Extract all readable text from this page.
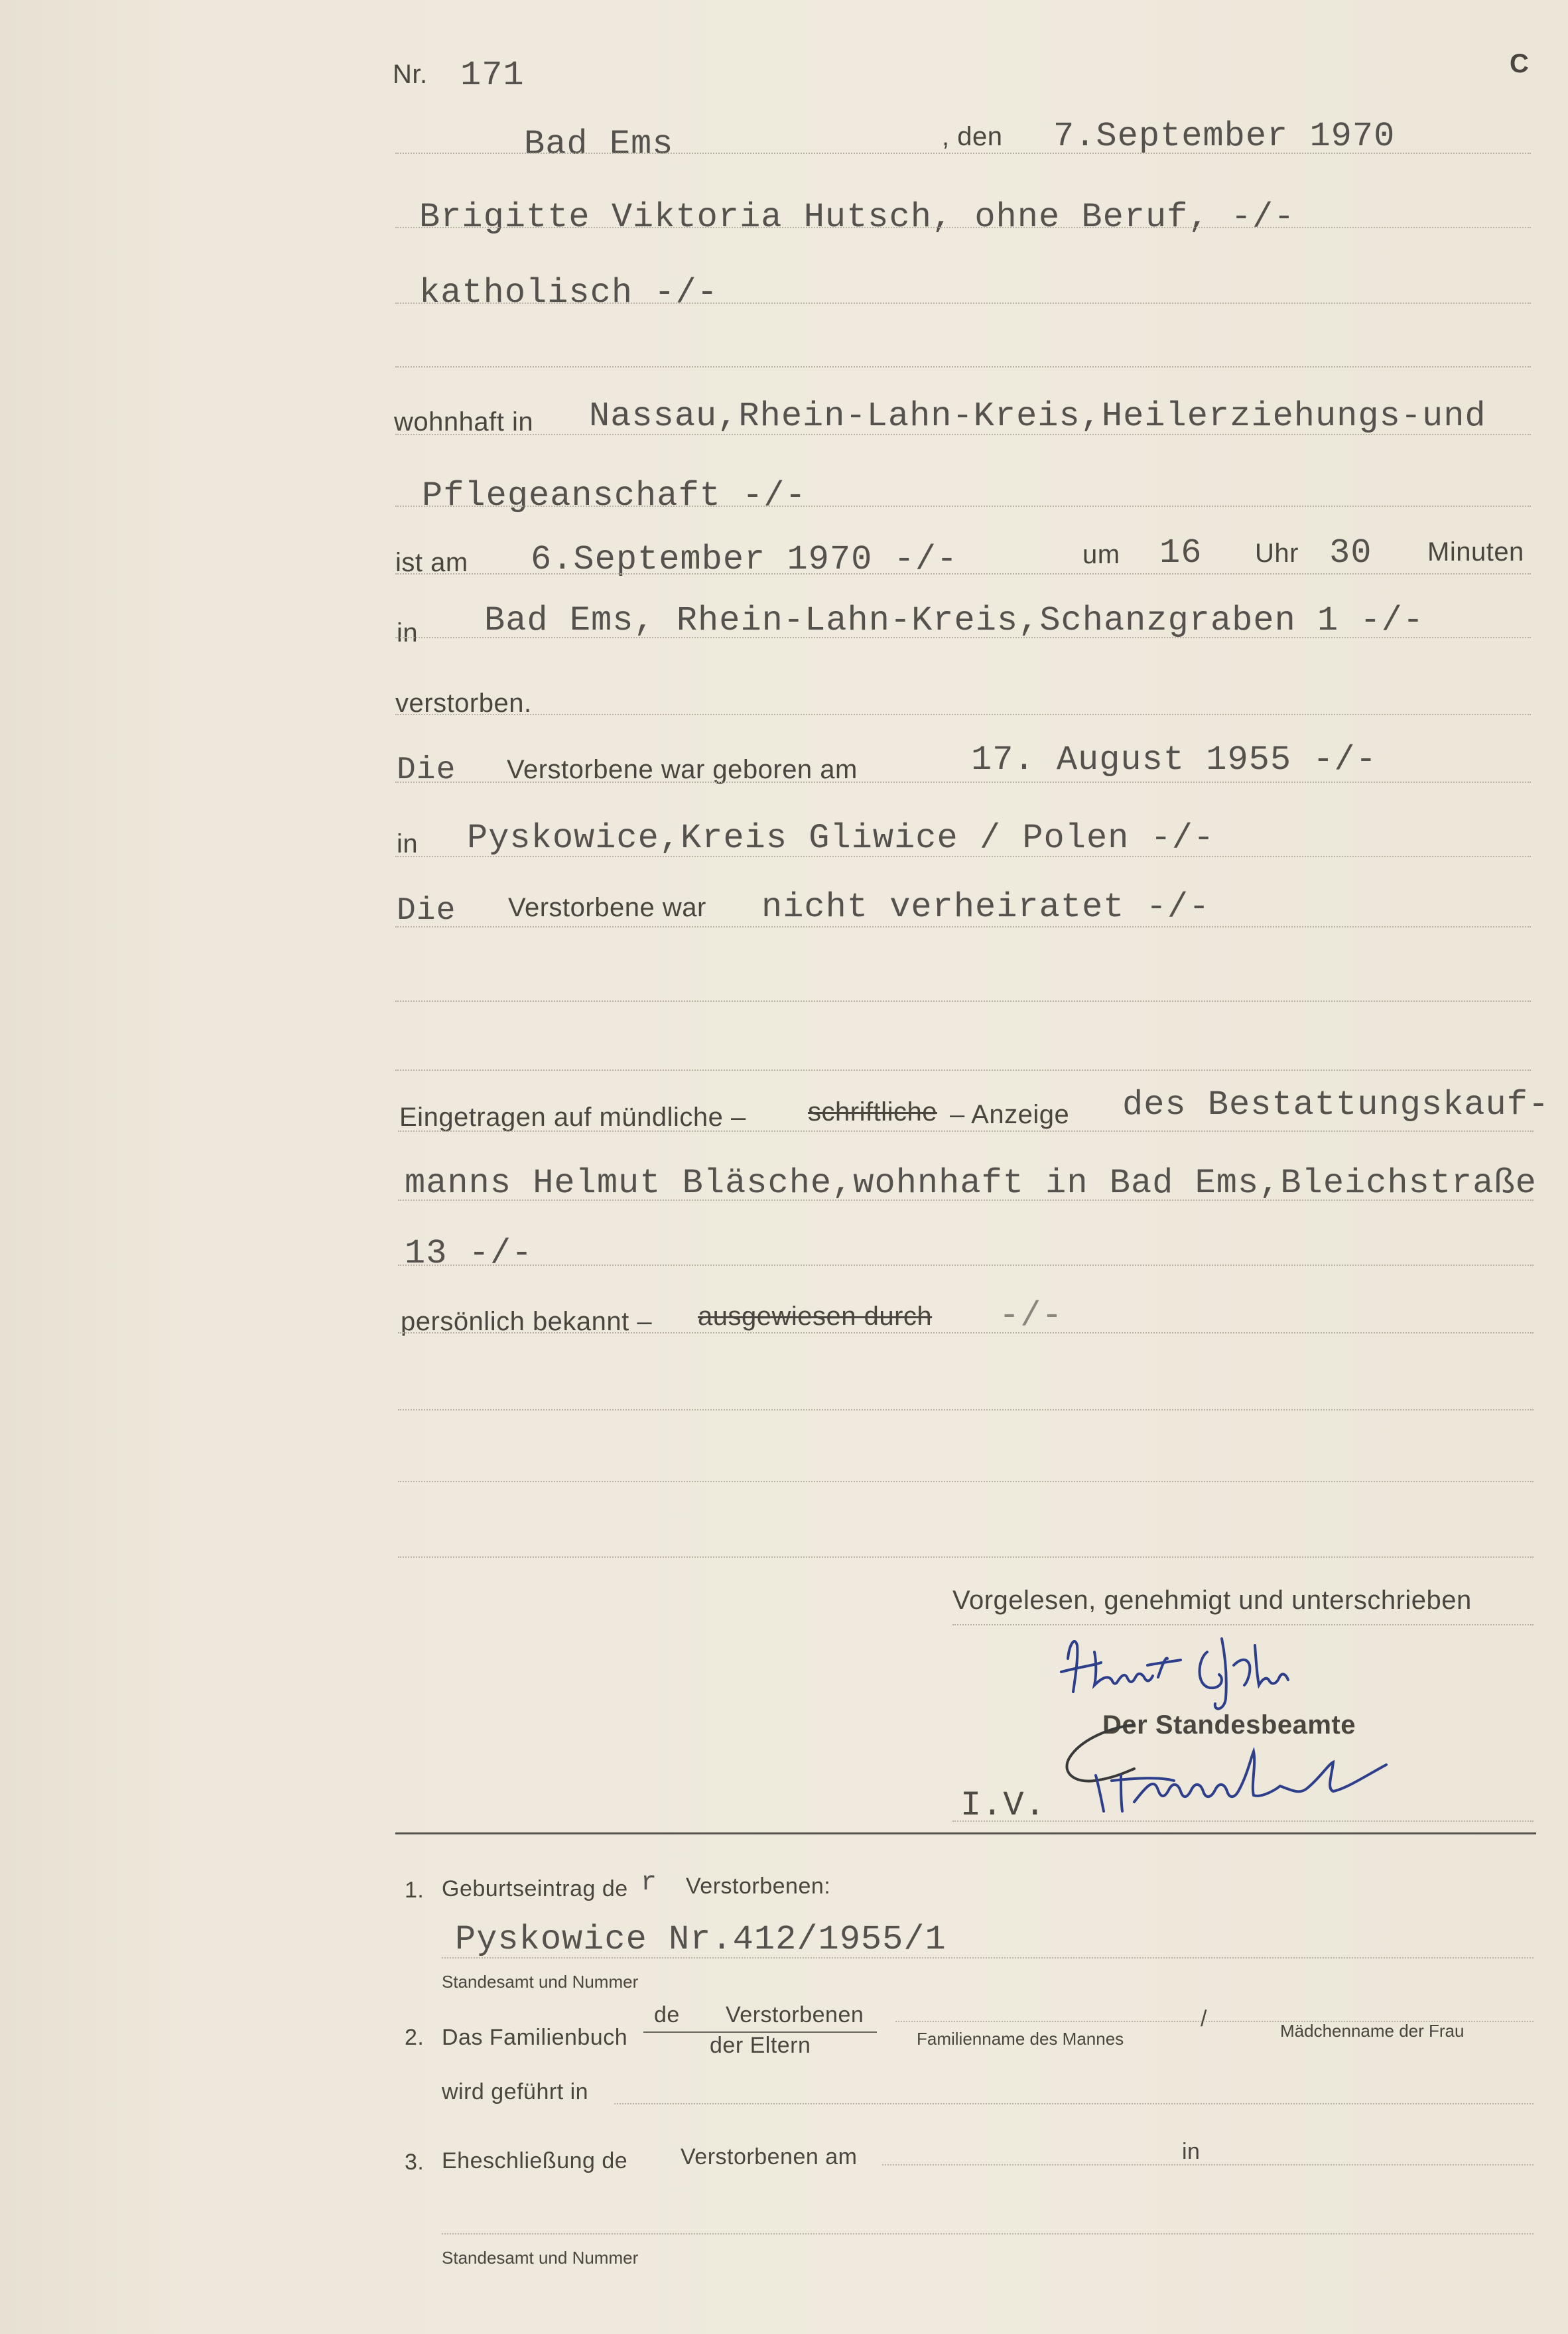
Nr. 171	C
Bad Ems	, den 7.September 1970
Brigitte Viktoria Hutsch, ohne Beruf, -/-
katholisch -/-
wohnhaft in Nassau,Rhein-Lahn-Kreis,Heilerziehungs-und
Pflegeanschaft -/-
ist am 6.September 1970 -/-	um 16 Uhr 30 Minuten
in Bad Ems, Rhein-Lahn-Kreis,Schanzgraben 1 -/-
verstorben.
Die Verstorbene war geboren am	17. August 1955 -/-
in Pyskowice,Kreis Gliwice / Polen -/-
Die Verstorbene war nicht verheiratet -/-
Eingetragen auf mündliche – schriftliche – Anzeige des Bestattungskauf-
manns Helmut Bläsche,wohnhaft in Bad Ems,Bleichstraße
13 -/-
persönlich bekannt – ausgewiesen durch -/-
Vorgelesen, genehmigt und unterschrieben
Der Standesbeamte
I.V.
1. Geburtseintrag de r Verstorbenen:
Pyskowice Nr.412/1955/1
Standesamt und Nummer
2. Das Familienbuch
de Verstorbenen
der Eltern	Familienname des Mannes
/	Mädchenname der Frau
wird geführt in
3. Eheschließung de Verstorbenen am	in
Standesamt und Nummer
